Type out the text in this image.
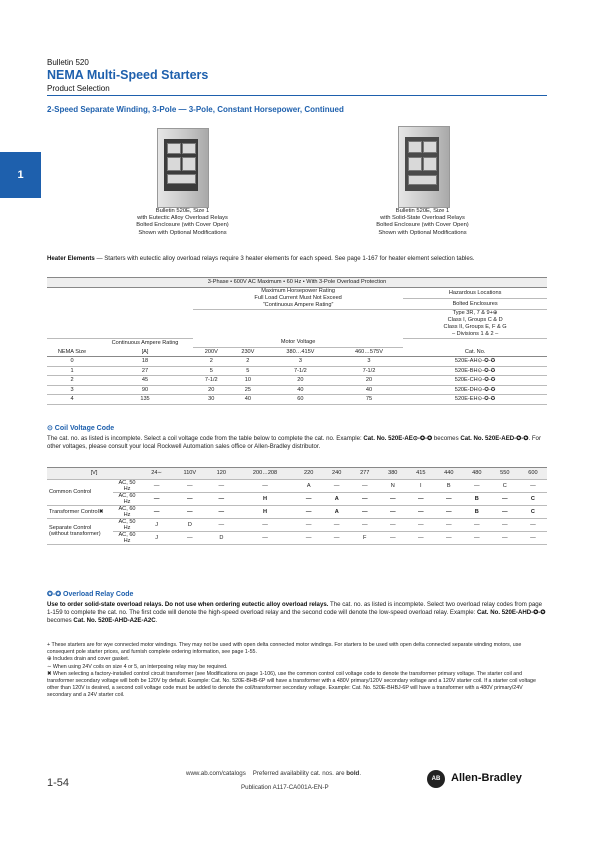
Bulletin 520
NEMA Multi-Speed Starters
Product Selection
2-Speed Separate Winding, 3-Pole — 3-Pole, Constant Horsepower, Continued
1
Bulletin 520E, Size 1
with Eutectic Alloy Overload Relays
Bolted Enclosure (with Cover Open)
Shown with Optional Modifications
Bulletin 520E, Size 1
with Solid-State Overload Relays
Bolted Enclosure (with Cover Open)
Shown with Optional Modifications
Heater Elements — Starters with eutectic alloy overload relays require 3 heater elements for each speed. See page 1-167 for heater element selection tables.
3-Phase • 600V AC Maximum • 60 Hz • With 3-Pole Overload Protection						

		Maximum Horsepower Rating
Full Load Current Must Not Exceed
“Continuous Ampere Rating”				Hazardous Locations
						Bolted Enclosures

						Type 3R, 7 & 9+⊕
Class I, Groups C & D
Class II, Groups E, F & G
– Divisions 1 & 2 –

	Continuous Ampere Rating	Motor Voltage				
NEMA Size	[A]	200V	230V	380…415V	460…575V	Cat. No.
0	18	2	2	3	3	520E-AH⊙-✪-✪
1	27	5	5	7-1/2	7-1/2	520E-BH⊙-✪-✪
2	45	7-1/2	10	20	20	520E-CH⊙-✪-✪
3	90	20	25	40	40	520E-DH⊙-✪-✪
4	135	30	40	60	75	520E-EH⊙-✪-✪
⊙ Coil Voltage Code
The cat. no. as listed is incomplete. Select a coil voltage code from the table below to complete the cat. no. Example: Cat. No. 520E-AE⊙-✪-✪ becomes Cat. No. 520E-AED-✪-✪. For other voltages, please consult your local Rockwell Automation sales office or Allen-Bradley distributor.
[V]		24∼	110V	120	200…208	220	240	277	380	415	440	480	550	600
Common Control	AC, 50 Hz	—	—	—	—	A	—	—	N	I	B	—	C	—
	AC, 60 Hz	—	—	—	H	—	A	—	—	—	—	B	—	C
Transformer Control✖	AC, 60 Hz	—	—	—	H	—	A	—	—	—	—	B	—	C
Separate Control (without transformer)	AC, 50 Hz	J	D	—	—	—	—	—	—	—	—	—	—	—
	AC, 60 Hz	J	—	D	—	—	—	F	—	—	—	—	—	—
✪-✪ Overload Relay Code
Use to order solid-state overload relays. Do not use when ordering eutectic alloy overload relays. The cat. no. as listed is incomplete. Select two overload relay codes from page 1-159 to complete the cat. no. The first code will denote the high-speed overload relay and the second code will denote the low-speed overload relay. Example: Cat. No. 520E-AHD-✪-✪ becomes Cat. No. 520E-AHD-A2E-A2C.
+ These starters are for wye connected motor windings. They may not be used with open delta connected motor windings. For starters to be used with open delta connected separate winding motors, use consequent pole starter prices, and furnish complete ordering information, see page 1-55.
⊕ Includes drain and cover gasket.
∼ When using 24V coils on size 4 or 5, an interposing relay may be required.
✖ When selecting a factory-installed control circuit transformer (see Modifications on page 1-106), use the common control coil voltage code to denote the transformer primary voltage. The starter coil and transformer secondary voltage will both be 120V by default. Example: Cat. No. 520E-BHB-6P will have a transformer with a 480V primary/120V secondary voltage and a 120V starter coil. If a starter coil voltage other than 120V is desired, a second coil voltage code must be added to denote the coil/transformer secondary voltage. Example: Cat. No. 520E-BHBJ-6P will have a transformer with a 480V primary/24V secondary and a 24V starter coil.
1-54
www.ab.com/catalogs Preferred availability cat. nos. are bold.
Publication A117-CA001A-EN-P
AB Allen-Bradley
